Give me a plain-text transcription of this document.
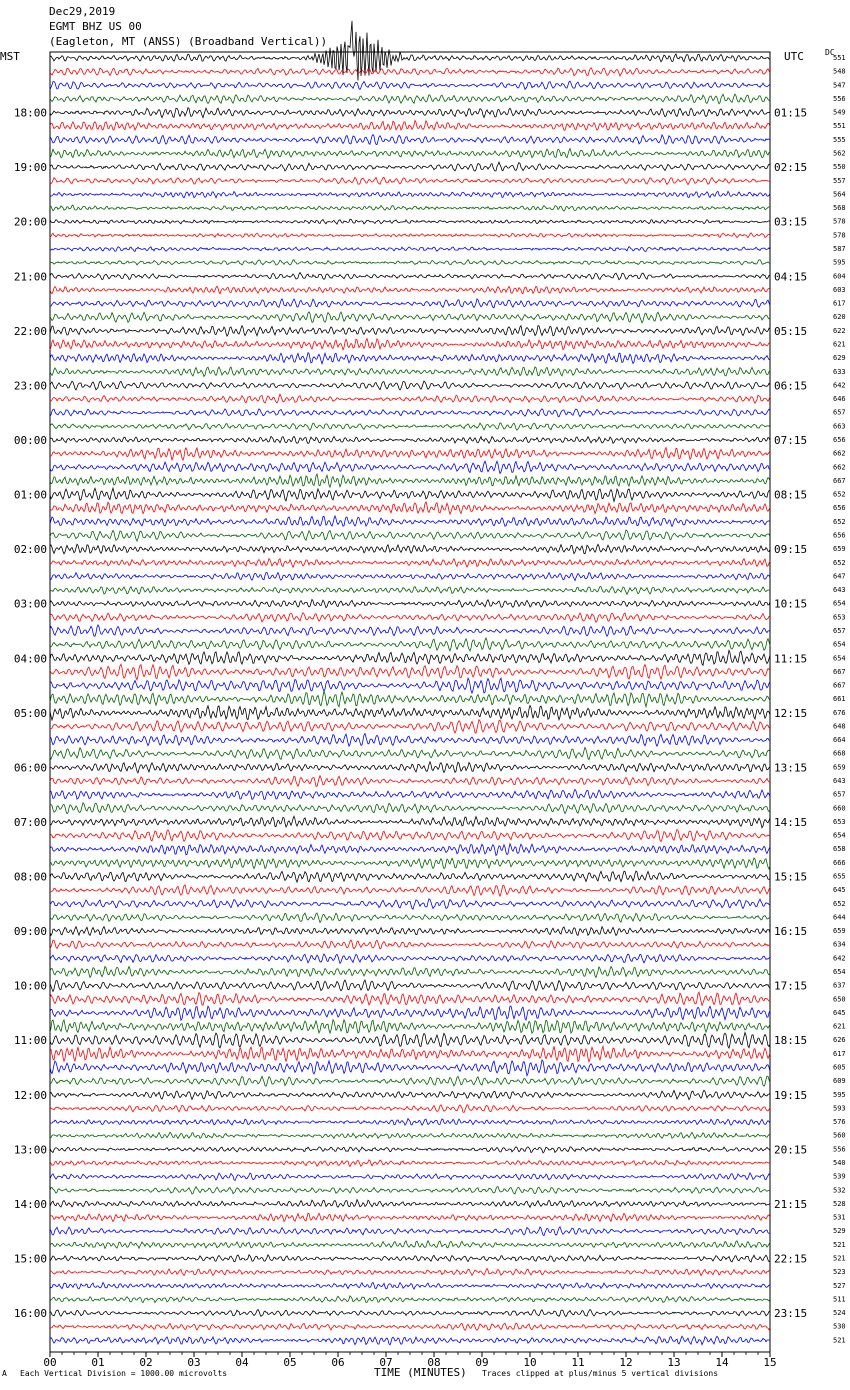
Dec29,2019
EGMT BHZ US 00
(Eagleton, MT (ANSS) (Broadband Vertical))
MST	UTC	DC
551
548
547
556
549
551
555
562
550
557
564
568
578
578
587
595
604
603
617
620
622
621
629
633
642
646
657
663
656
662
662
667
652
656
652
656
659
652
647
643
654
653
657
654
654
667
667
661
676
648
664
668
659
643
657
660
653
654
658
666
655
645
652
644
659
634
642
654
637
650
645
621
626
617
605
609
595
593
576
560
556
540
539
532
528
531
529
521
521
523
527
511
524
530
521
18:00	01:15
19:00	02:15
20:00	03:15
21:00	04:15
22:00	05:15
23:00	06:15
00:00	07:15
01:00	08:15
02:00	09:15
03:00	10:15
04:00	11:15
05:00	12:15
06:00	13:15
07:00	14:15
08:00	15:15
09:00	16:15
10:00	17:15
11:00	18:15
12:00	19:15
13:00	20:15
14:00	21:15
15:00	22:15
16:00	23:15
00	01	02	03	04	05	06	07	08	09	10	11	12	13	14	15
TIME (MINUTES)
A Each Vertical Division = 1000.00 microvolts	Traces clipped at plus/minus 5 vertical divisions
